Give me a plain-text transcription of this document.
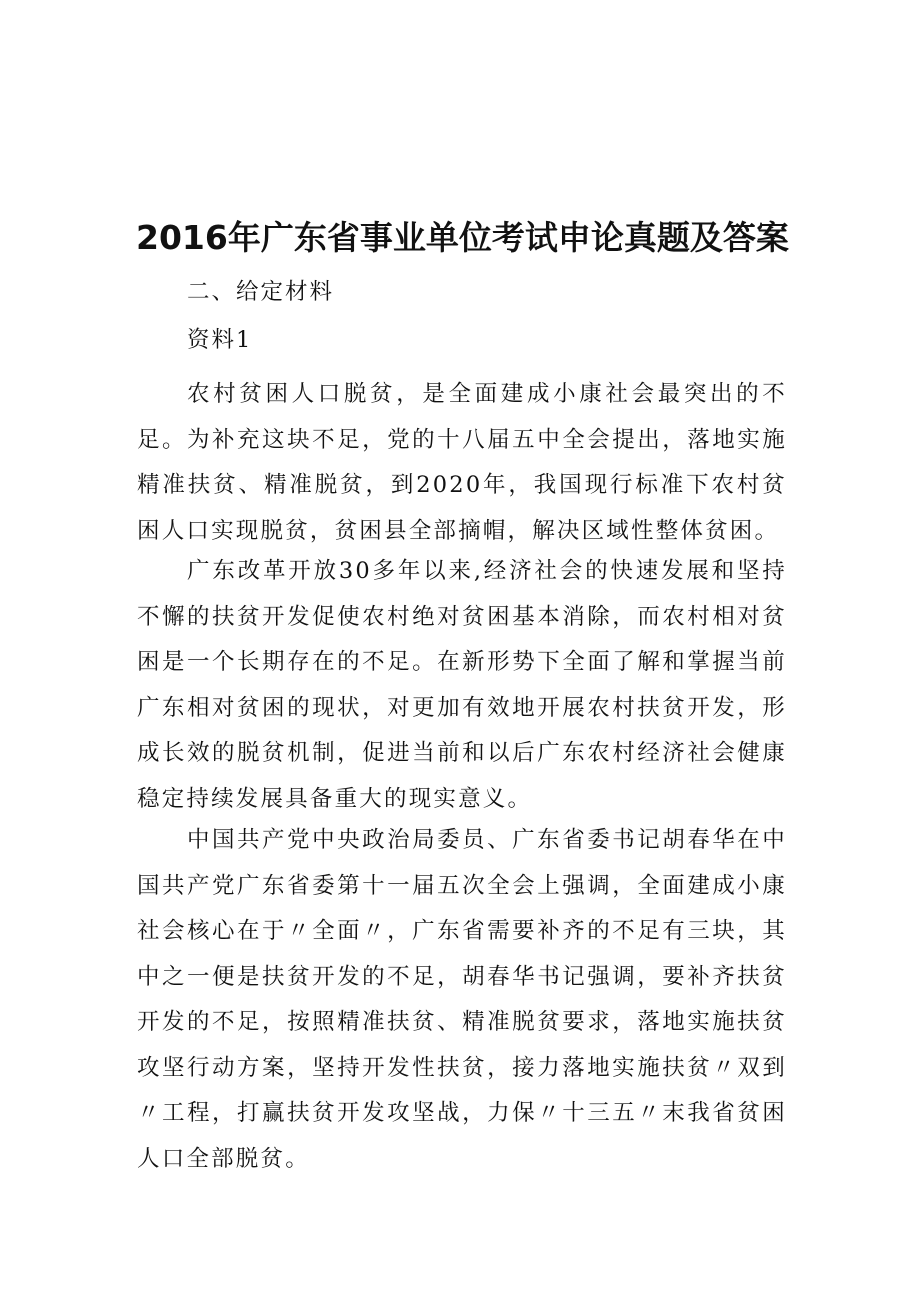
2016年广东省事业单位考试申论真题及答案
二、给定材料
资料1

农村贫困人口脱贫，是全面建成小康社会最突出的不足。为补充这块不足，党的十八届五中全会提出，落地实施精准扶贫、精准脱贫，到2020年，我国现行标准下农村贫困人口实现脱贫，贫困县全部摘帽，解决区域性整体贫困。

广东改革开放30多年以来,经济社会的快速发展和坚持不懈的扶贫开发促使农村绝对贫困基本消除，而农村相对贫困是一个长期存在的不足。在新形势下全面了解和掌握当前广东相对贫困的现状，对更加有效地开展农村扶贫开发，形成长效的脱贫机制，促进当前和以后广东农村经济社会健康稳定持续发展具备重大的现实意义。

中国共产党中央政治局委员、广东省委书记胡春华在中国共产党广东省委第十一届五次全会上强调，全面建成小康社会核心在于〃全面〃，广东省需要补齐的不足有三块，其中之一便是扶贫开发的不足，胡春华书记强调，要补齐扶贫开发的不足，按照精准扶贫、精准脱贫要求，落地实施扶贫攻坚行动方案，坚持开发性扶贫，接力落地实施扶贫〃双到〃工程，打赢扶贫开发攻坚战，力保〃十三五〃末我省贫困人口全部脱贫。
